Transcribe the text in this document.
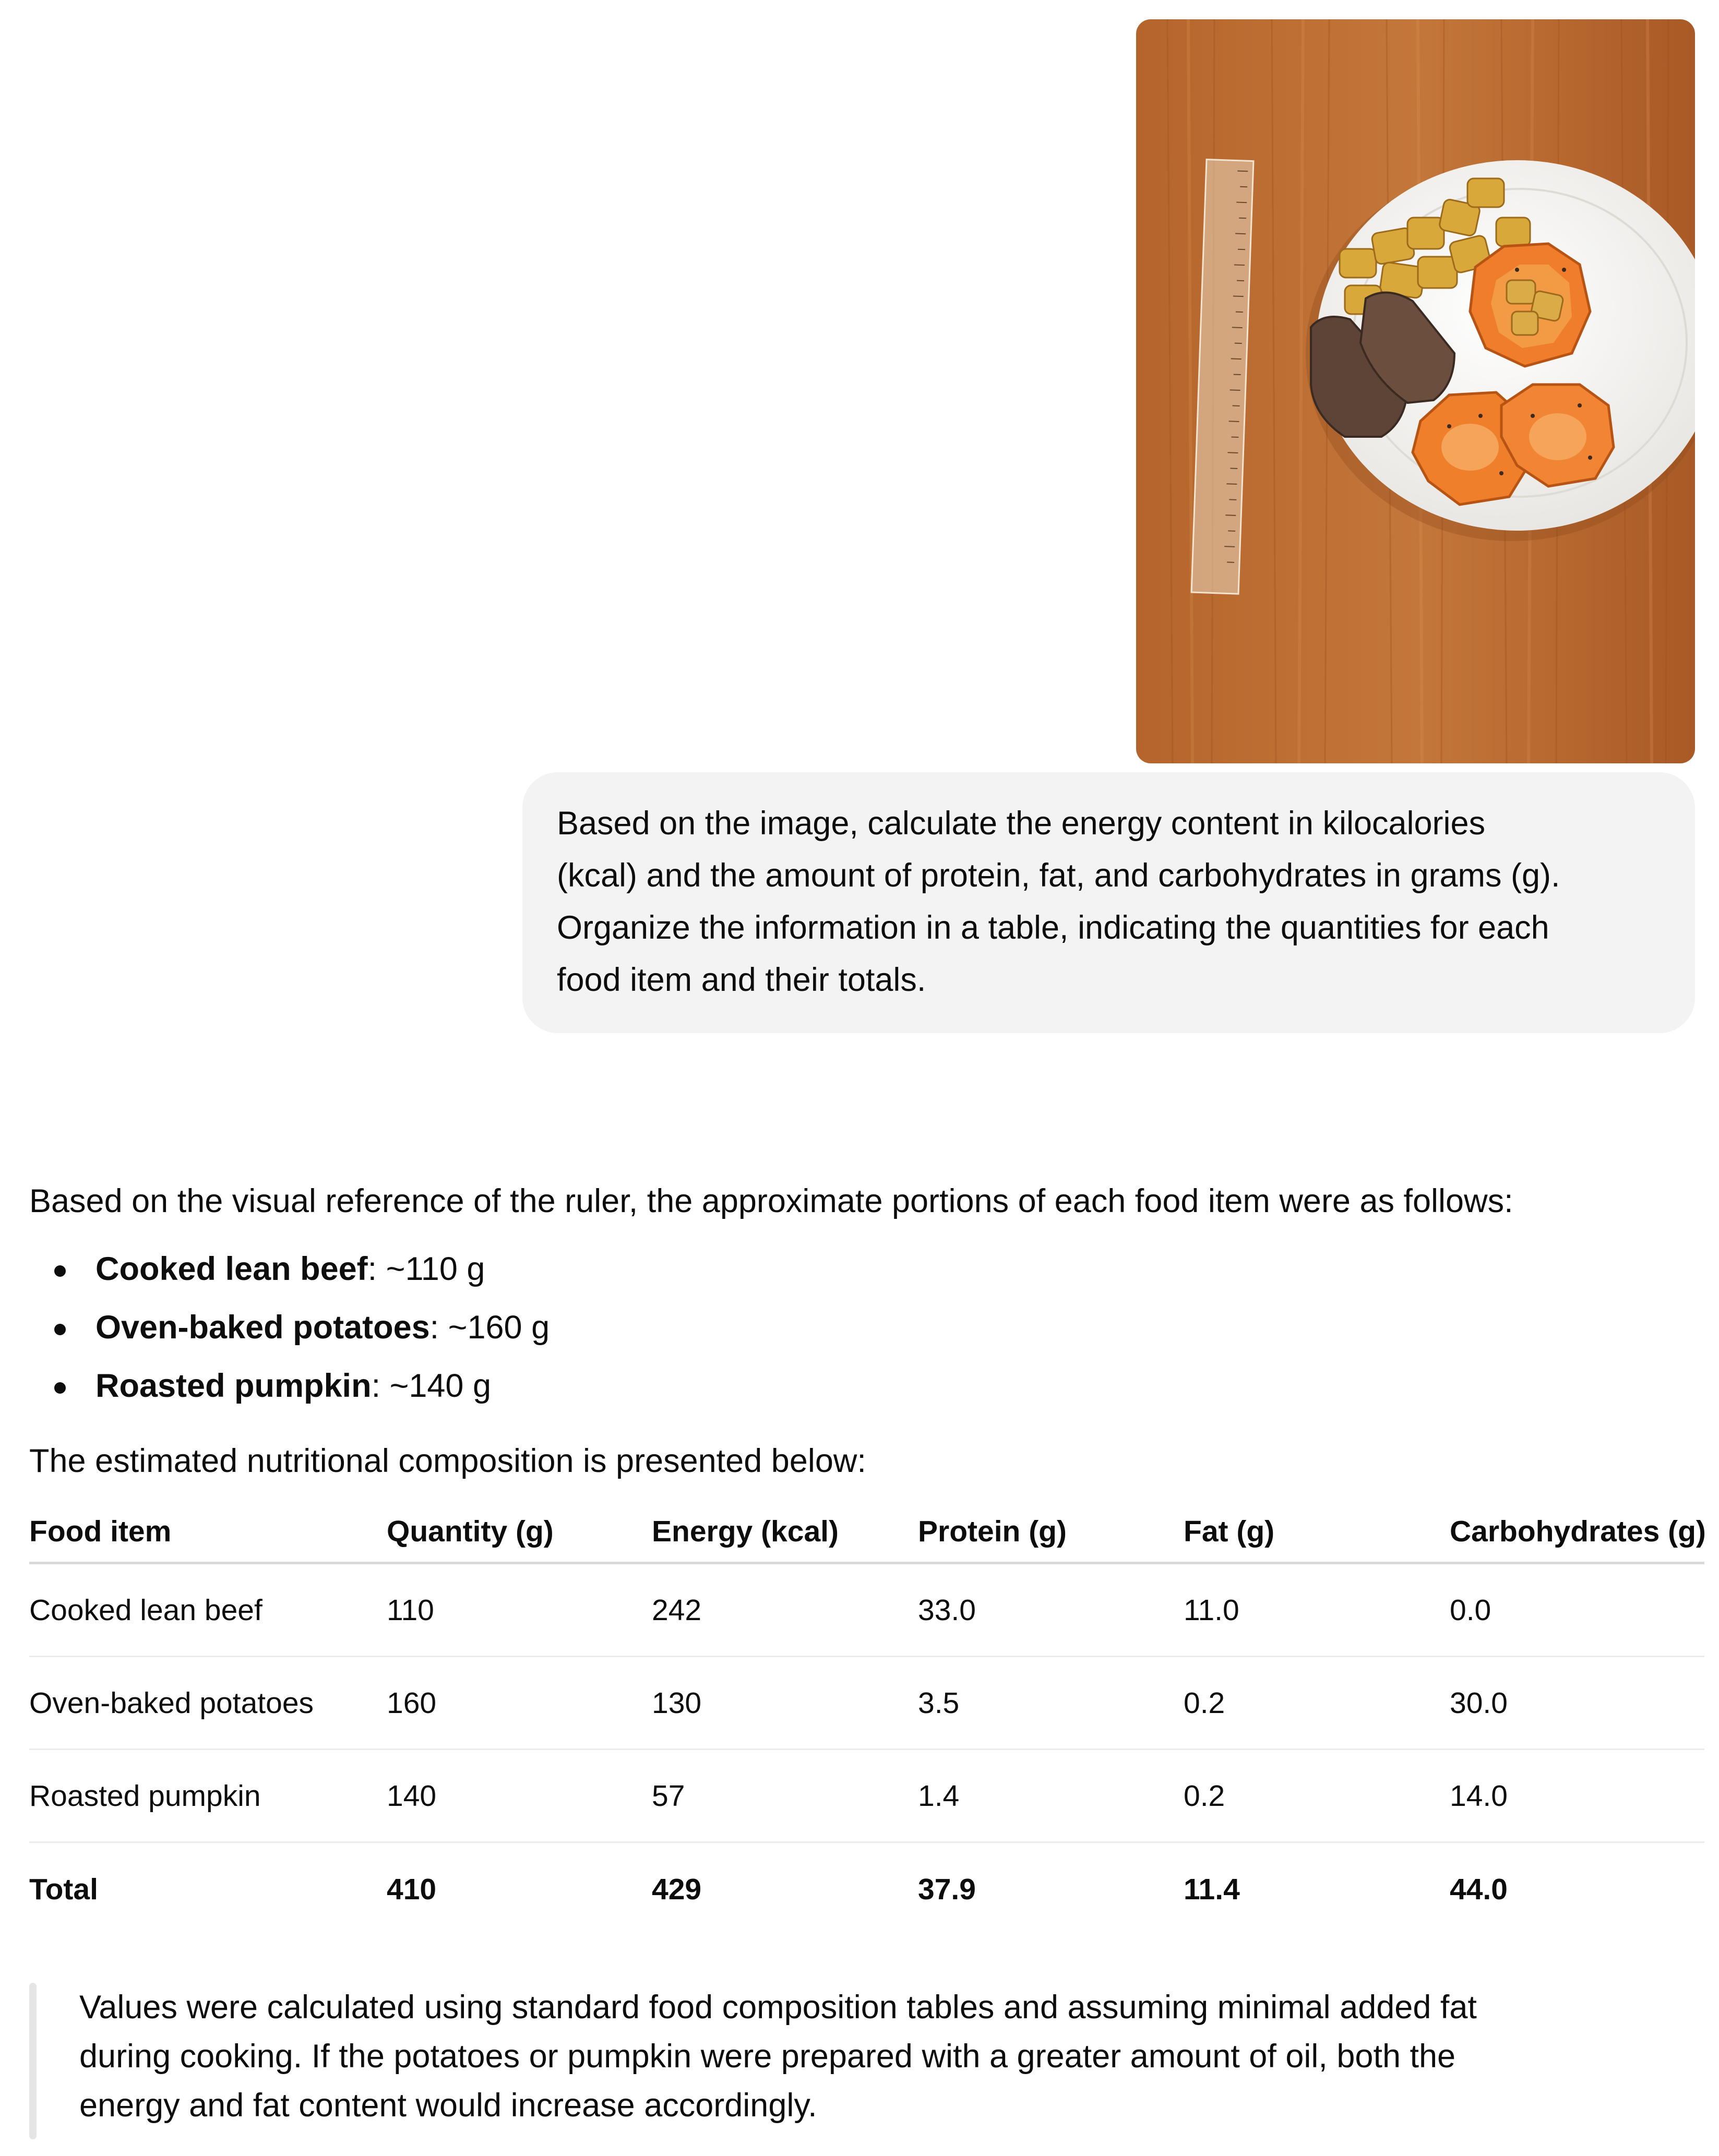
Based on the image, calculate the energy content in kilocalories
(kcal) and the amount of protein, fat, and carbohydrates in grams (g).
Organize the information in a table, indicating the quantities for each
food item and their totals.
Based on the visual reference of the ruler, the approximate portions of each food item were as follows:
Cooked lean beef: ~110 g
Oven-baked potatoes: ~160 g
Roasted pumpkin: ~140 g
The estimated nutritional composition is presented below:
Food item	Quantity (g)	Energy (kcal)	Protein (g)	Fat (g)	Carbohydrates (g)
Cooked lean beef	110	242	33.0	11.0	0.0
Oven-baked potatoes 160	130	3.5	0.2	30.0
Roasted pumpkin	140	57	1.4	0.2	14.0
Total	410	429	37.9	11.4	44.0
Values were calculated using standard food composition tables and assuming minimal added fat
during cooking. If the potatoes or pumpkin were prepared with a greater amount of oil, both the
energy and fat content would increase accordingly.
